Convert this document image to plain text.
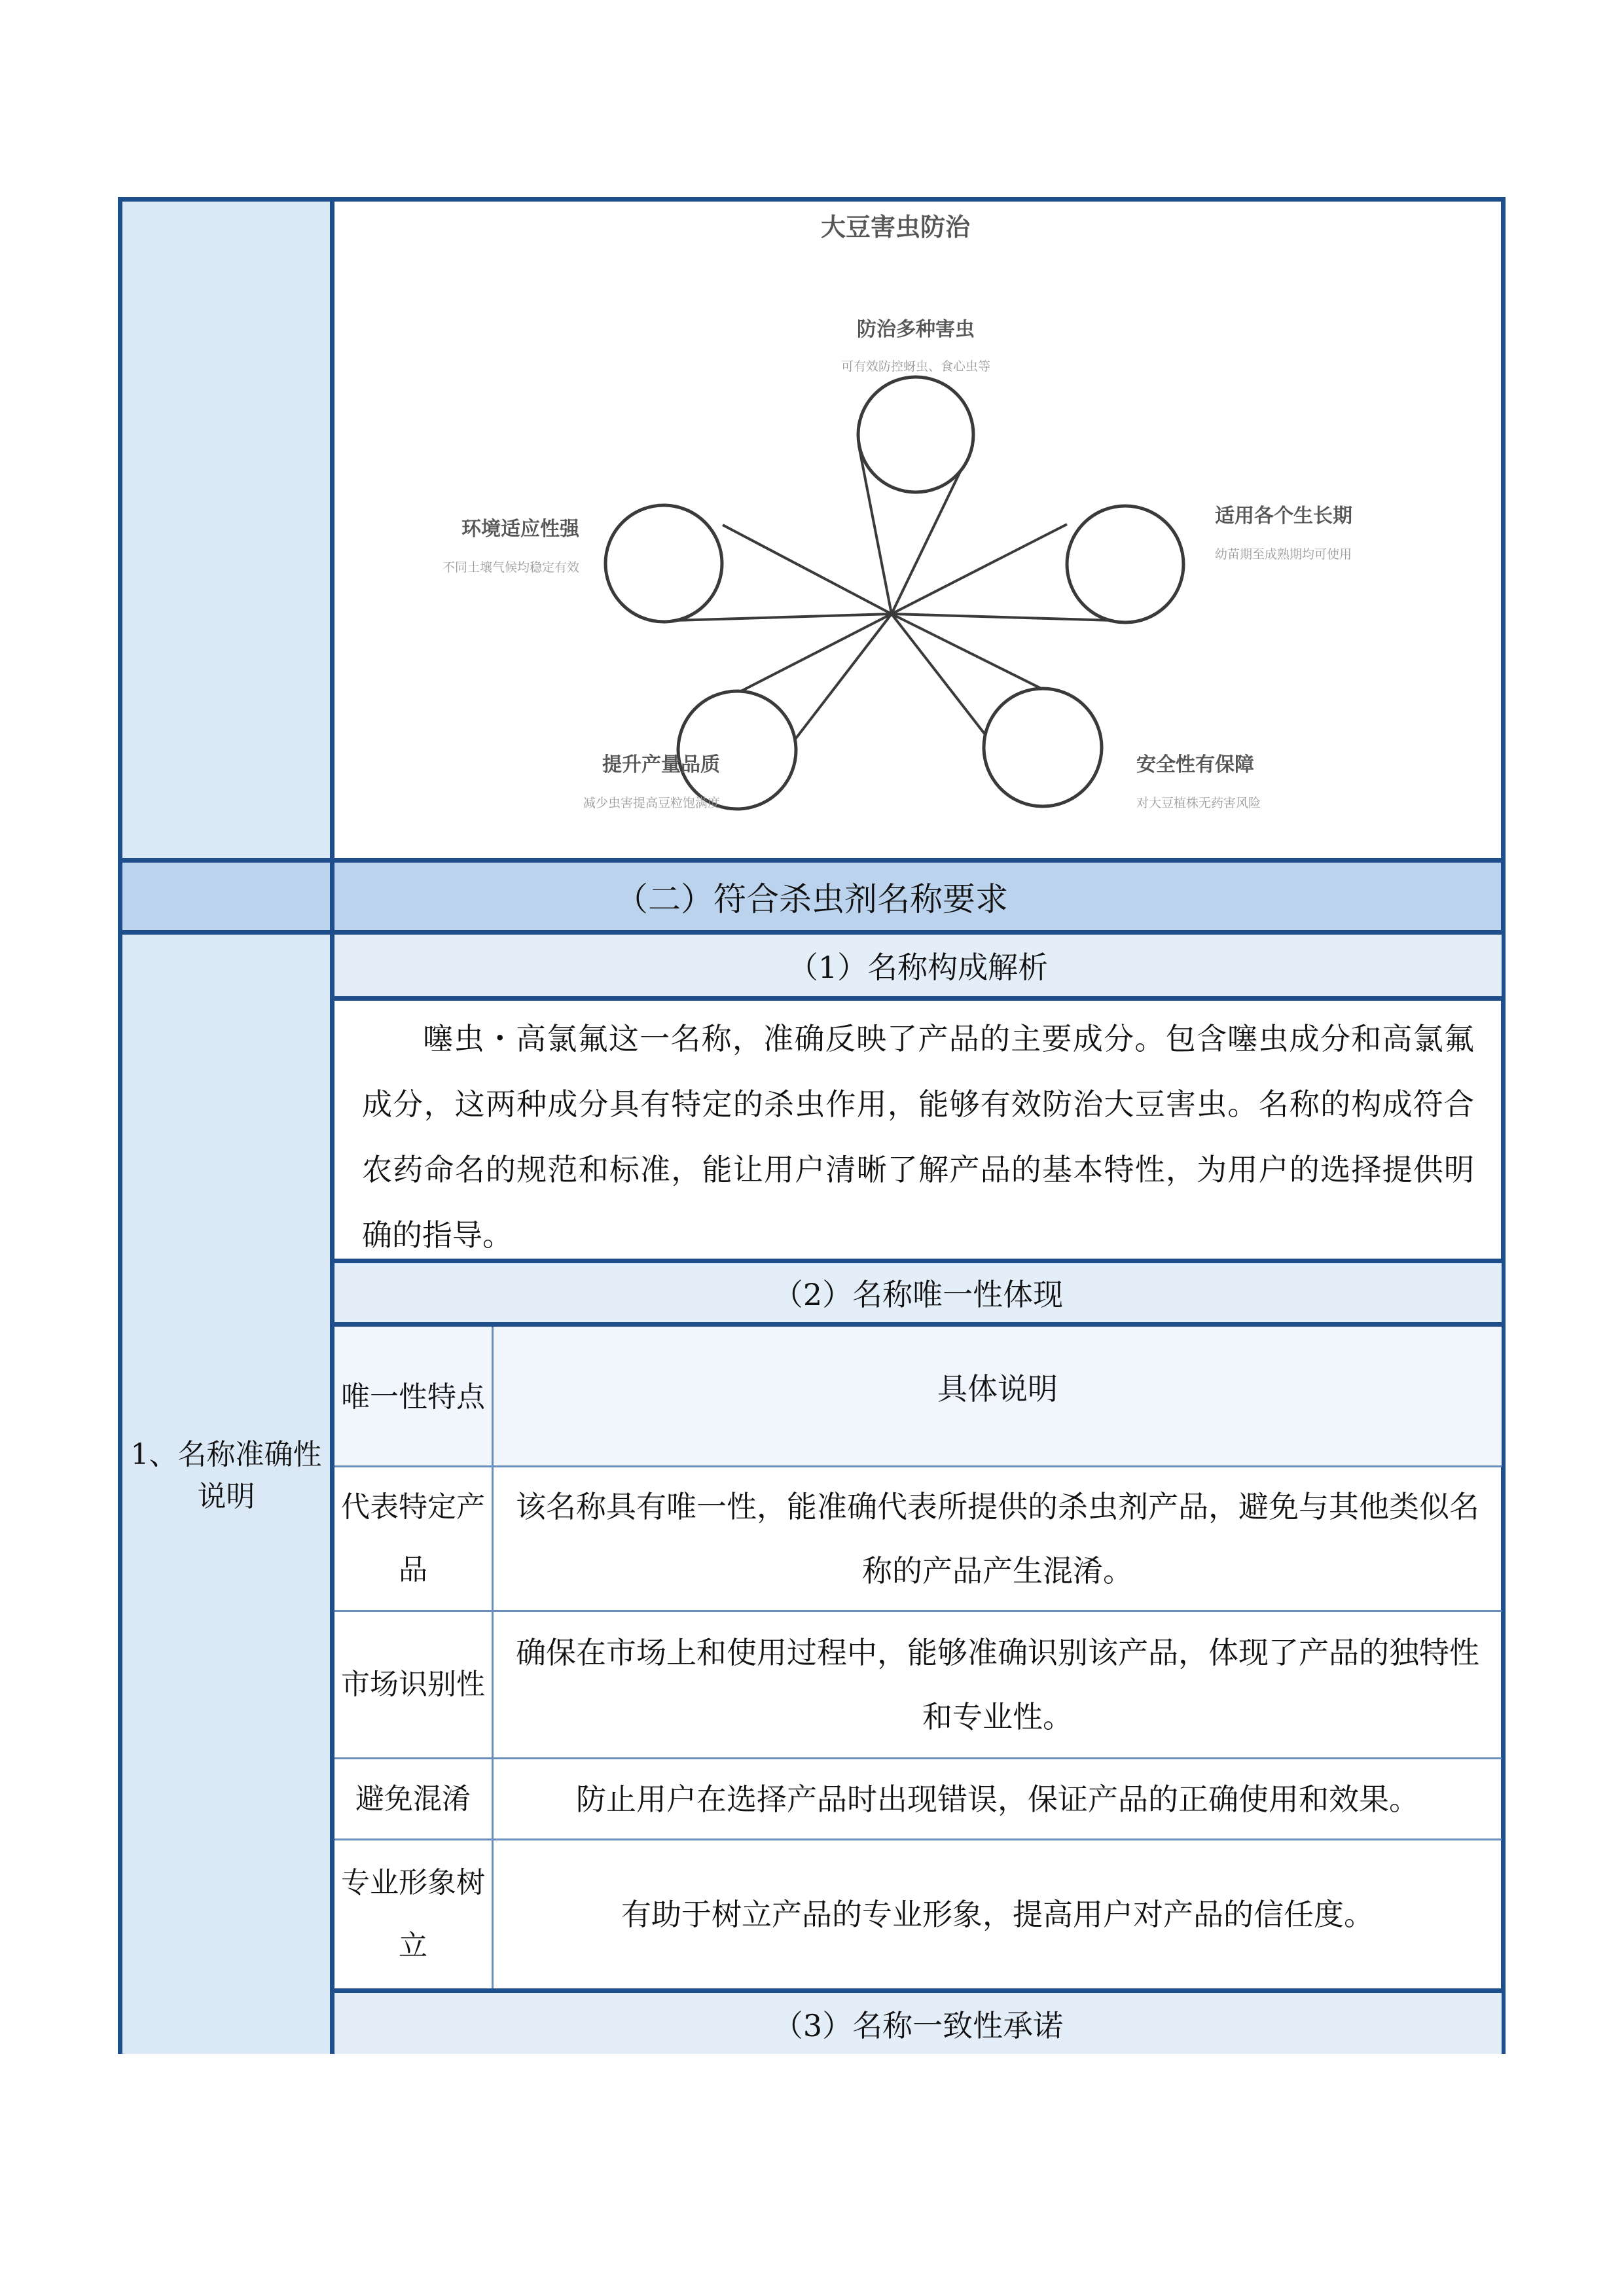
1、名称准确性说明
大豆害虫防治
防治多种害虫
可有效防控蚜虫、食心虫等
适用各个生长期
幼苗期至成熟期均可使用
安全性有保障
对大豆植株无药害风险
提升产量品质
减少虫害提高豆粒饱满度
环境适应性强
不同土壤气候均稳定有效
（二）符合杀虫剂名称要求
（1）名称构成解析
噻虫・高氯氟这一名称，准确反映了产品的主要成分。包含噻虫成分和高氯氟成分，这两种成分具有特定的杀虫作用，能够有效防治大豆害虫。名称的构成符合农药命名的规范和标准，能让用户清晰了解产品的基本特性，为用户的选择提供明确的指导。
（2）名称唯一性体现
唯一性特点	具体说明
代表特定产品
该名称具有唯一性，能准确代表所提供的杀虫剂产品，避免与其他类似名称的产品产生混淆。
市场识别性
确保在市场上和使用过程中，能够准确识别该产品，体现了产品的独特性和专业性。
避免混淆	防止用户在选择产品时出现错误，保证产品的正确使用和效果。
专业形象树立
有助于树立产品的专业形象，提高用户对产品的信任度。
（3）名称一致性承诺
